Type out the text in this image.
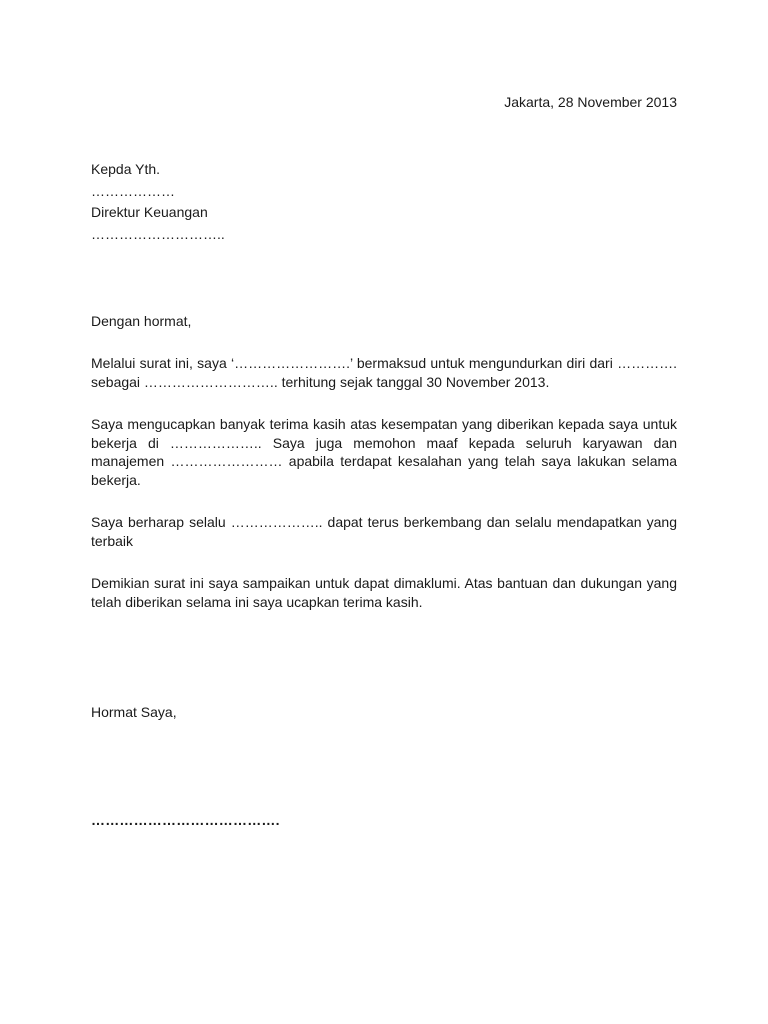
Jakarta, 28 November 2013
Kepda Yth.
………………
Direktur Keuangan
………………………..
Dengan hormat,

Melalui surat ini, saya ‘…………………….’ bermaksud untuk mengundurkan diri dari …………. sebagai ……………………….. terhitung sejak tanggal 30 November 2013.

Saya mengucapkan banyak terima kasih atas kesempatan yang diberikan kepada saya untuk bekerja di ……………….. Saya juga memohon maaf kepada seluruh karyawan dan manajemen …………………… apabila terdapat kesalahan yang telah saya lakukan selama bekerja.

Saya berharap selalu ……………….. dapat terus berkembang dan selalu mendapatkan yang terbaik

Demikian surat ini saya sampaikan untuk dapat dimaklumi. Atas bantuan dan dukungan yang telah diberikan selama ini saya ucapkan terima kasih.

Hormat Saya,
………………………………….
